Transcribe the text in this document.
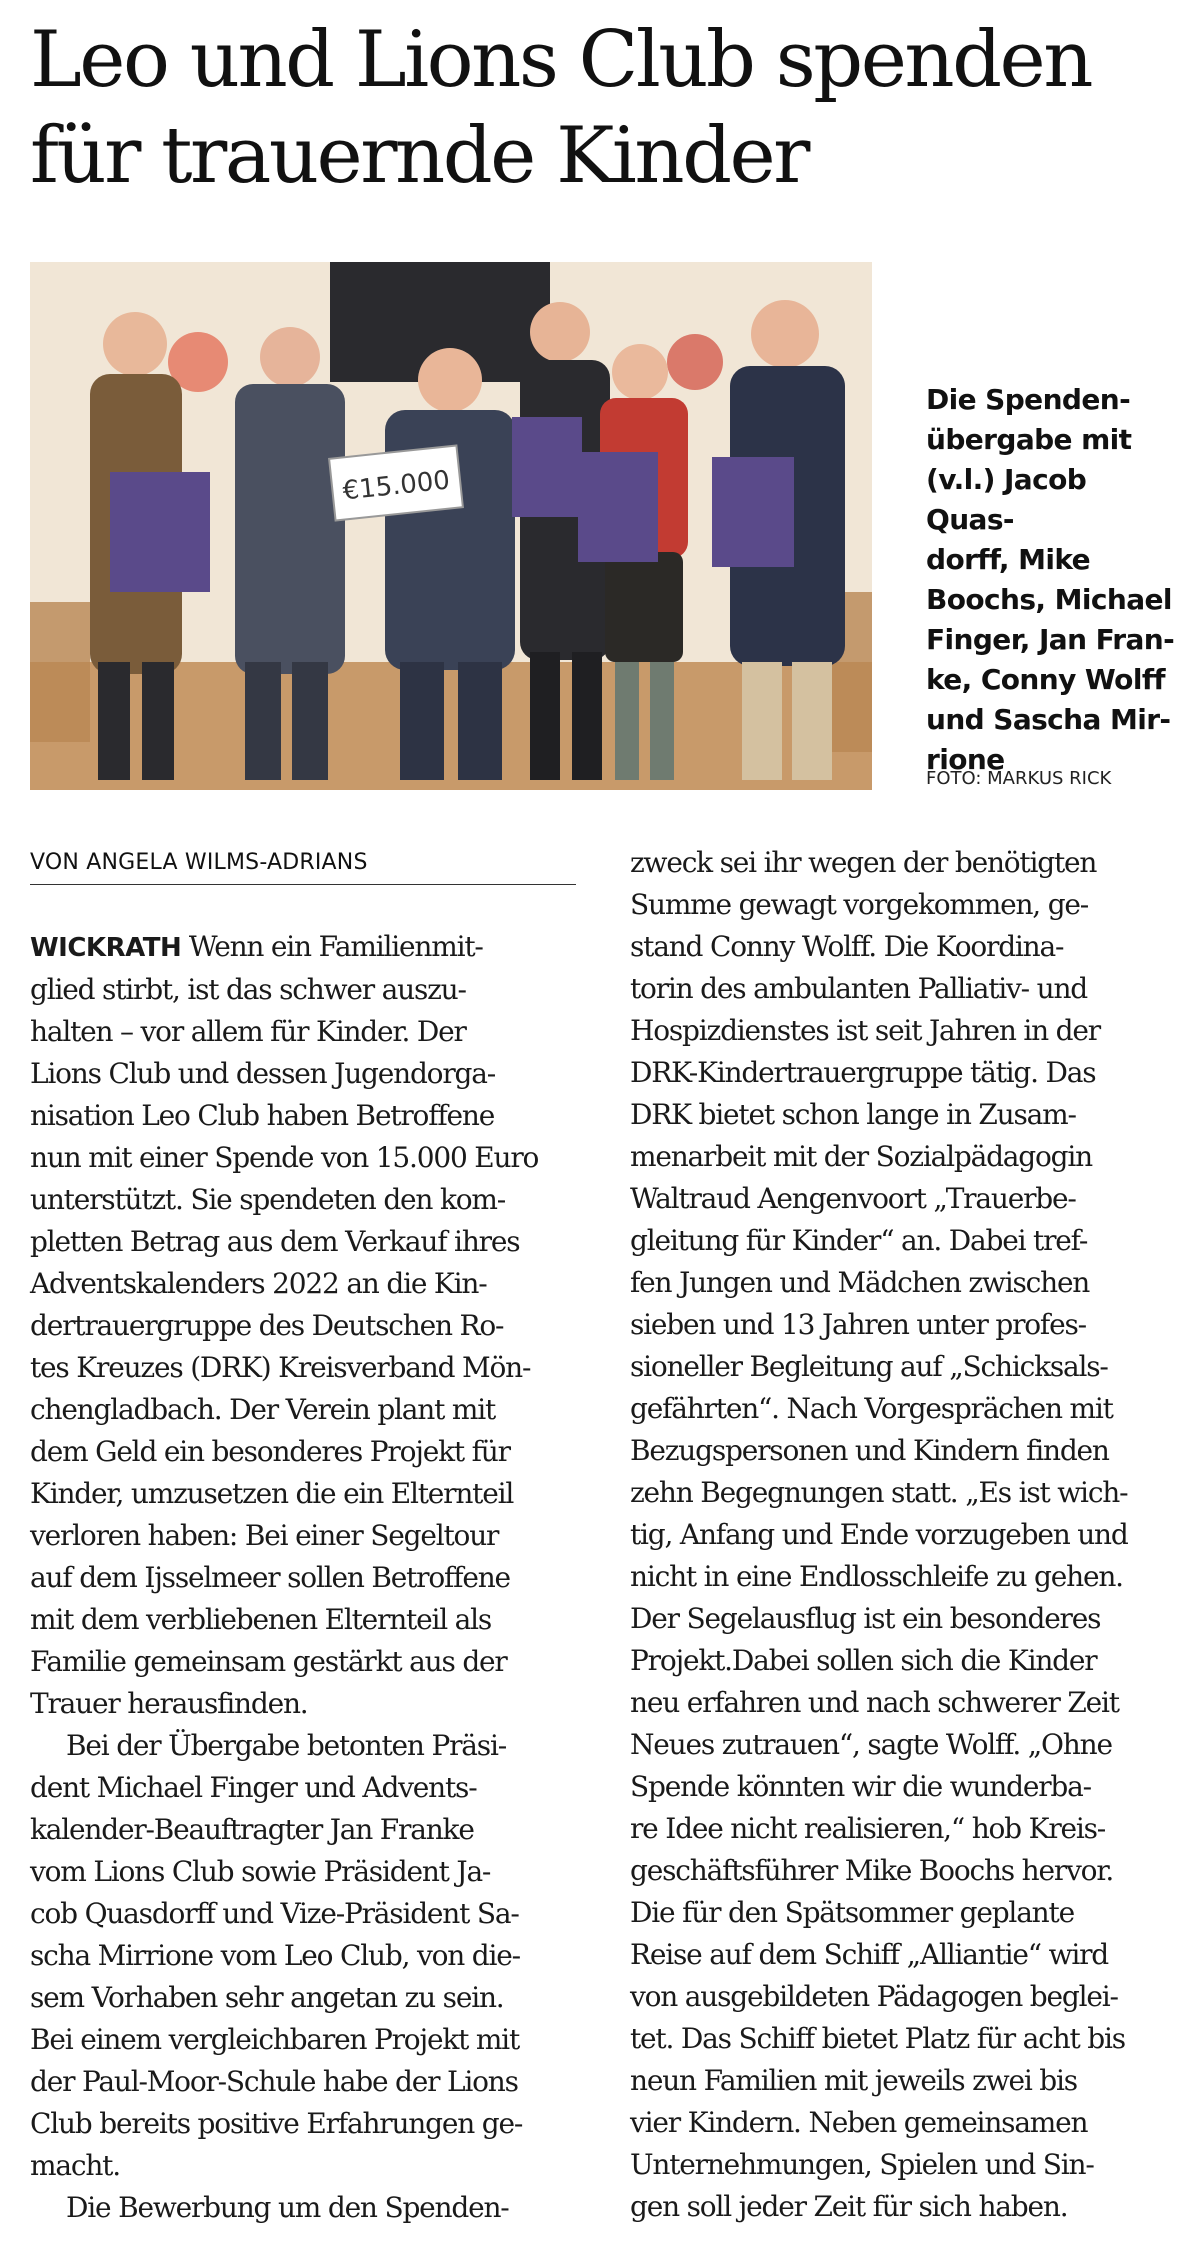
Leo und Lions Club spenden
für trauernde Kinder
€15.000
Die Spenden-
übergabe mit
(v.l.) Jacob Quas-
dorff, Mike
Boochs, Michael
Finger, Jan Fran-
ke, Conny Wolff
und Sascha Mir-
rione
FOTO: MARKUS RICK
VON ANGELA WILMS-ADRIANS
WICKRATH Wenn ein Familienmit-
glied stirbt, ist das schwer auszu-
halten – vor allem für Kinder. Der
Lions Club und dessen Jugendorga-
nisation Leo Club haben Betroffene
nun mit einer Spende von 15.000 Euro
unterstützt. Sie spendeten den kom-
pletten Betrag aus dem Verkauf ihres
Adventskalenders 2022 an die Kin-
dertrauergruppe des Deutschen Ro-
tes Kreuzes (DRK) Kreisverband Mön-
chengladbach. Der Verein plant mit
dem Geld ein besonderes Projekt für
Kinder, umzusetzen die ein Elternteil
verloren haben: Bei einer Segeltour
auf dem Ijsselmeer sollen Betroffene
mit dem verbliebenen Elternteil als
Familie gemeinsam gestärkt aus der
Trauer herausfinden.
Bei der Übergabe betonten Präsi-
dent Michael Finger und Advents-
kalender-Beauftragter Jan Franke
vom Lions Club sowie Präsident Ja-
cob Quasdorff und Vize-Präsident Sa-
scha Mirrione vom Leo Club, von die-
sem Vorhaben sehr angetan zu sein.
Bei einem vergleichbaren Projekt mit
der Paul-Moor-Schule habe der Lions
Club bereits positive Erfahrungen ge-
macht.
Die Bewerbung um den Spenden-
zweck sei ihr wegen der benötigten
Summe gewagt vorgekommen, ge-
stand Conny Wolff. Die Koordina-
torin des ambulanten Palliativ- und
Hospizdienstes ist seit Jahren in der
DRK-Kindertrauergruppe tätig. Das
DRK bietet schon lange in Zusam-
menarbeit mit der Sozialpädagogin
Waltraud Aengenvoort „Trauerbe-
gleitung für Kinder“ an. Dabei tref-
fen Jungen und Mädchen zwischen
sieben und 13 Jahren unter profes-
sioneller Begleitung auf „Schicksals-
gefährten“. Nach Vorgesprächen mit
Bezugspersonen und Kindern finden
zehn Begegnungen statt. „Es ist wich-
tig, Anfang und Ende vorzugeben und
nicht in eine Endlosschleife zu gehen.
Der Segelausflug ist ein besonderes
Projekt.Dabei sollen sich die Kinder
neu erfahren und nach schwerer Zeit
Neues zutrauen“, sagte Wolff. „Ohne
Spende könnten wir die wunderba-
re Idee nicht realisieren,“ hob Kreis-
geschäftsführer Mike Boochs hervor.
Die für den Spätsommer geplante
Reise auf dem Schiff „Alliantie“ wird
von ausgebildeten Pädagogen beglei-
tet. Das Schiff bietet Platz für acht bis
neun Familien mit jeweils zwei bis
vier Kindern. Neben gemeinsamen
Unternehmungen, Spielen und Sin-
gen soll jeder Zeit für sich haben.
